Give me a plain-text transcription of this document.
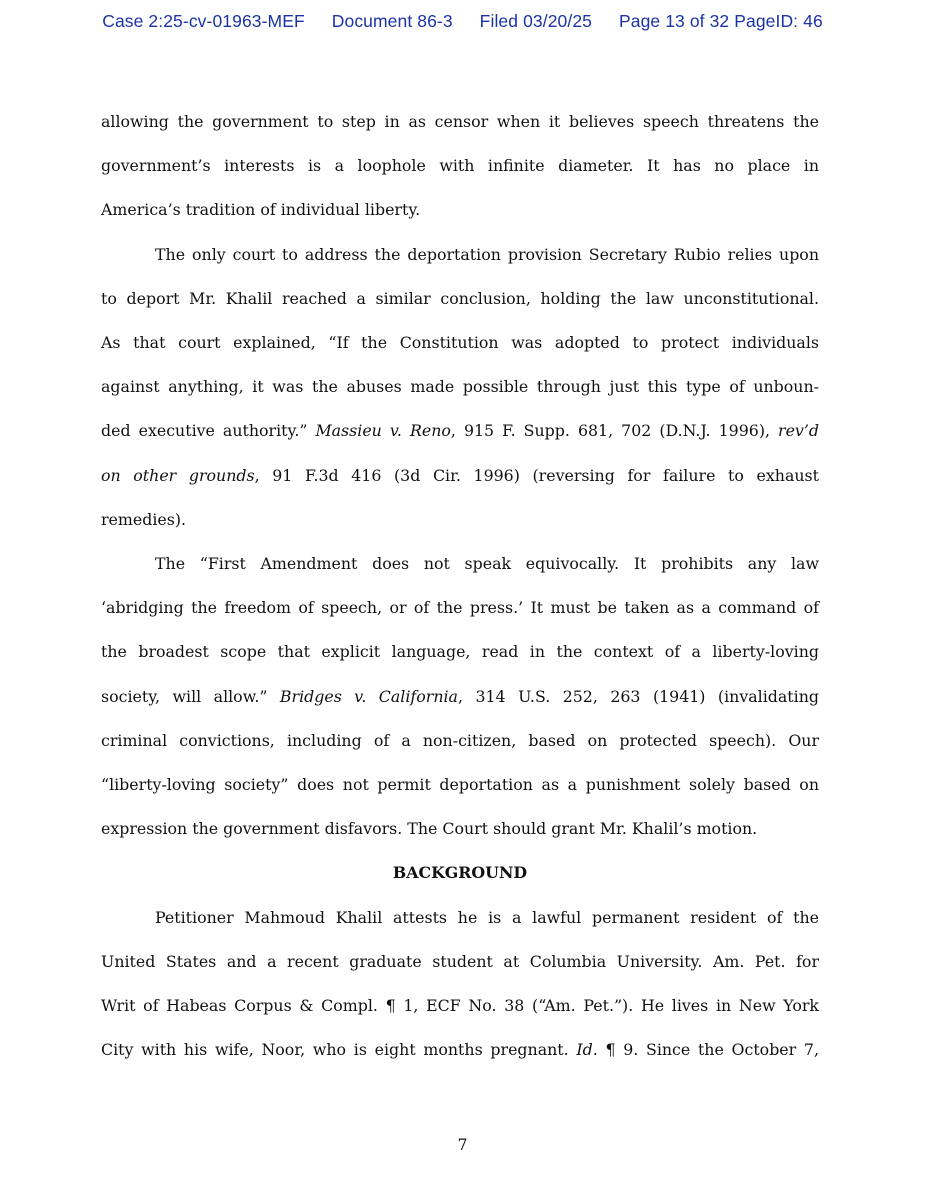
Case 2:25-cv-01963-MEF Document 86-3 Filed 03/20/25 Page 13 of 32 PageID: 46

allowing the government to step in as censor when it believes speech threatens the
government’s interests is a loophole with infinite diameter. It has no place in
America’s tradition of individual liberty.

The only court to address the deportation provision Secretary Rubio relies upon
to deport Mr. Khalil reached a similar conclusion, holding the law unconstitutional.
As that court explained, “If the Constitution was adopted to protect individuals
against anything, it was the abuses made possible through just this type of unboun-
ded executive authority.” Massieu v. Reno, 915 F. Supp. 681, 702 (D.N.J. 1996), rev’d
on other grounds, 91 F.3d 416 (3d Cir. 1996) (reversing for failure to exhaust
remedies).

The “First Amendment does not speak equivocally. It prohibits any law
‘abridging the freedom of speech, or of the press.’ It must be taken as a command of
the broadest scope that explicit language, read in the context of a liberty-loving
society, will allow.” Bridges v. California, 314 U.S. 252, 263 (1941) (invalidating
criminal convictions, including of a non-citizen, based on protected speech). Our
“liberty-loving society” does not permit deportation as a punishment solely based on
expression the government disfavors. The Court should grant Mr. Khalil’s motion.

BACKGROUND

Petitioner Mahmoud Khalil attests he is a lawful permanent resident of the
United States and a recent graduate student at Columbia University. Am. Pet. for
Writ of Habeas Corpus & Compl. ¶ 1, ECF No. 38 (“Am. Pet.”). He lives in New York
City with his wife, Noor, who is eight months pregnant. Id. ¶ 9. Since the October 7,

7
